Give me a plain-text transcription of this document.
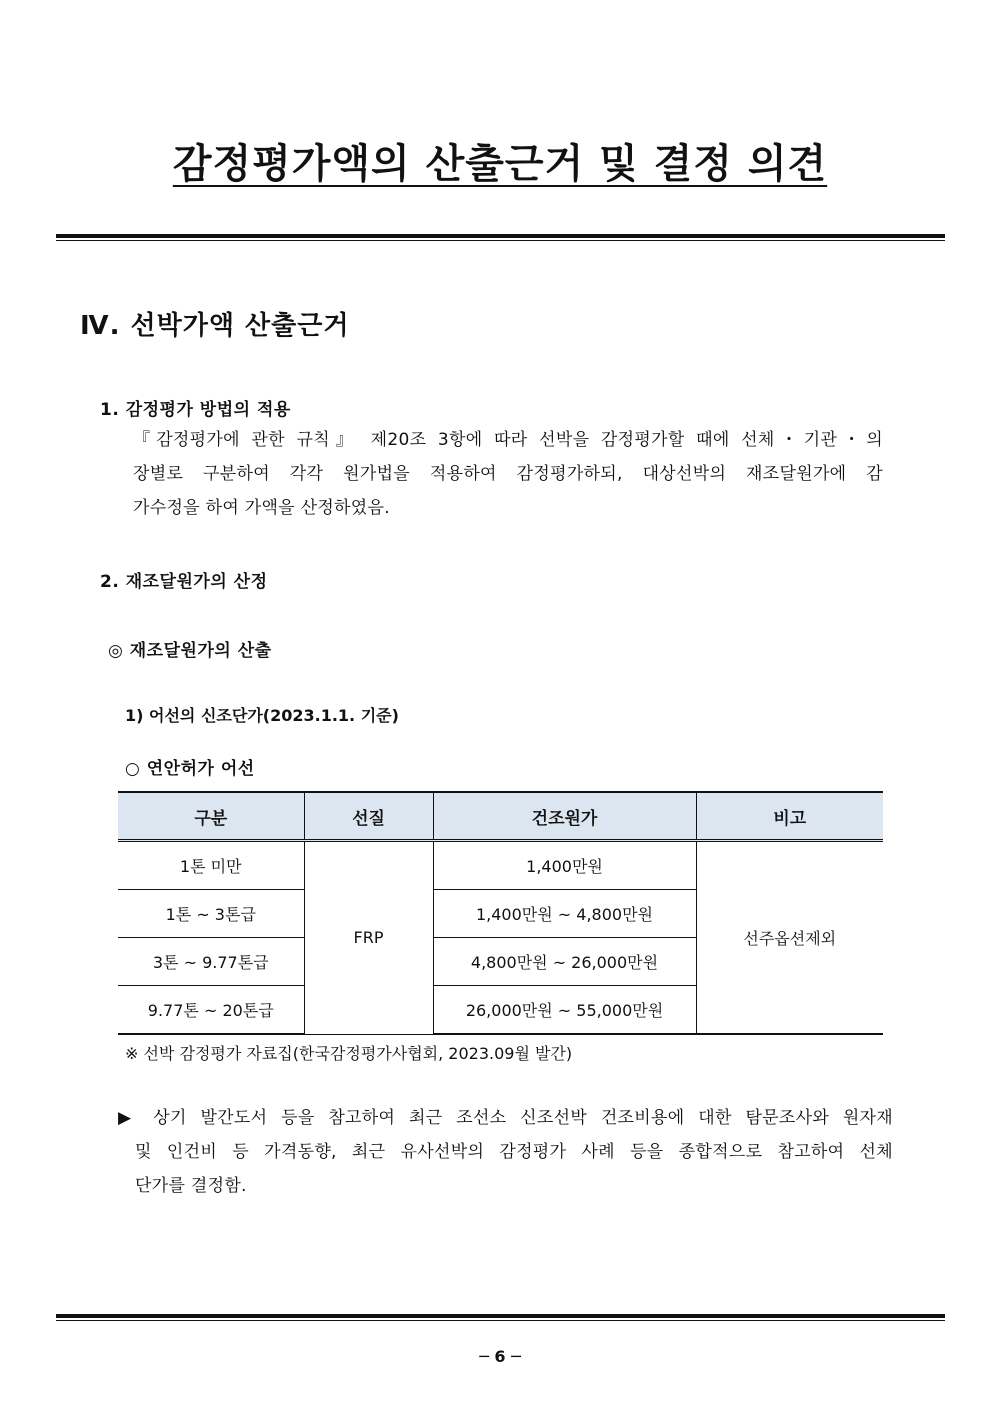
감정평가액의 산출근거 및 결정 의견
Ⅳ. 선박가액 산출근거
1. 감정평가 방법의 적용
『감정평가에 관한 규칙』 제20조 3항에 따라 선박을 감정평가할 때에 선체・기관・의
장별로 구분하여 각각 원가법을 적용하여 감정평가하되, 대상선박의 재조달원가에 감
가수정을 하여 가액을 산정하였음.
2. 재조달원가의 산정
◎ 재조달원가의 산출
1) 어선의 신조단가(2023.1.1. 기준)
○ 연안허가 어선
구분	선질	건조원가	비고
1톤 미만	FRP	1,400만원	선주옵션제외
1톤 ~ 3톤급		1,400만원 ~ 4,800만원	
3톤 ~ 9.77톤급		4,800만원 ~ 26,000만원	
9.77톤 ~ 20톤급		26,000만원 ~ 55,000만원	
※ 선박 감정평가 자료집(한국감정평가사협회, 2023.09월 발간)
▶ 상기 발간도서 등을 참고하여 최근 조선소 신조선박 건조비용에 대한 탐문조사와 원자재
및 인건비 등 가격동향, 최근 유사선박의 감정평가 사례 등을 종합적으로 참고하여 선체
단가를 결정함.
─ 6 ─
